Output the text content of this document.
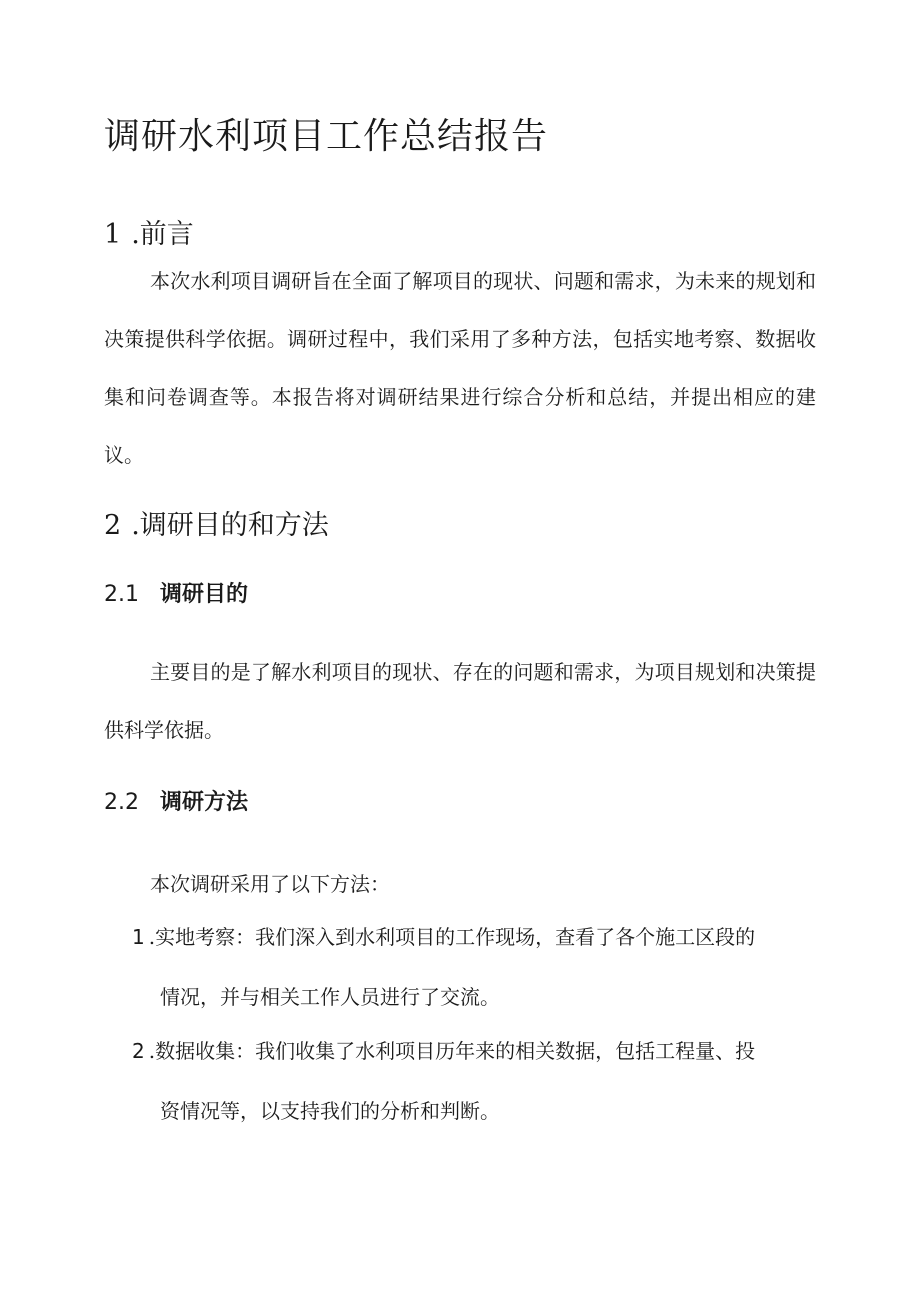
调研水利项目工作总结报告
1 .前言

本次水利项目调研旨在全面了解项目的现状、问题和需求，为未来的规划和决策提供科学依据。调研过程中，我们采用了多种方法，包括实地考察、数据收集和问卷调查等。本报告将对调研结果进行综合分析和总结，并提出相应的建议。

2 .调研目的和方法
2.1 调研目的

主要目的是了解水利项目的现状、存在的问题和需求，为项目规划和决策提供科学依据。

2.2 调研方法

本次调研采用了以下方法：

1 .实地考察：我们深入到水利项目的工作现场，查看了各个施工区段的
情况，并与相关工作人员进行了交流。
2 .数据收集：我们收集了水利项目历年来的相关数据，包括工程量、投
资情况等，以支持我们的分析和判断。
